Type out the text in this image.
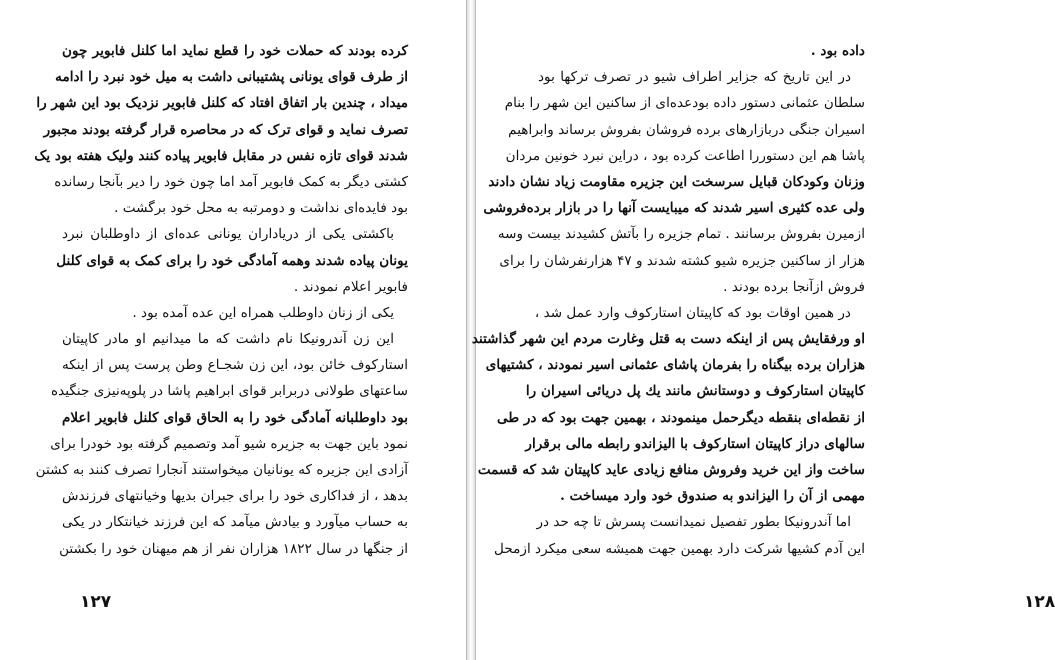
کرده بودند که حملات خود را قطع نماید اما کلنل فابویر چون
از طرف قوای یونانی پشتیبانی داشت به میل خود نبرد را ادامه
میداد ، چندین بار اتفاق افتاد که کلنل فابویر نزدیک بود این شهر را
تصرف نماید و قوای ترک که در محاصره قرار گرفته بودند مجبور
شدند قوای تازه نفس در مقابل فابویر پیاده کنند ولیک هفته بود یک
کشتی دیگر به کمک فابویر آمد اما چون خود را دیر بآنجا رسانده
بود فایده‌ای نداشت و دومرتبه به محل خود برگشت .
باکشتی یکی از دریاداران یونانی عده‌ای از داوطلبان نبرد
یونان پیاده شدند وهمه آمادگی خود را برای کمک به قوای کلنل
فابویر اعلام نمودند .
یکی از زنان داوطلب همراه این عده آمده بود .
این زن آندرونیکا نام داشت که ما میدانیم او مادر کاپیتان
استارکوف خائن بود، این زن شجـاع وطن پرست پس از اینکه
ساعتهای طولانی دربرابر قوای ابراهیم پاشا در پلوپه‌نیزی جنگیده
بود داوطلبانه آمادگی خود را به الحاق قوای کلنل فابویر اعلام
نمود باین جهت به جزیره شیو آمد وتصمیم گرفته بود خودرا برای
آزادی این جزیره که یونانیان میخواستند آنجارا تصرف کنند به کشتن
بدهد ، از فداکاری خود را برای جبران بدیها وخیانتهای فرزندش
به حساب میآورد و بیادش میآمد که این فرزند خیانتکار در یکی
از جنگها در سال ۱۸۲۲ هزاران نفر از هم میهنان خود را بکشتن
۱۲۷
داده بود .
در این تاریخ که جزایر اطراف شیو در تصرف ترکها بود
سلطان عثمانی دستور داده بودعده‌ای از ساکنین این شهر را بنام
اسیران جنگی دربازارهای برده فروشان بفروش برساند وابراهیم
پاشا هم این دستوررا اطاعت کرده بود ، دراین نبرد خونین مردان
وزنان وکودکان قبایل سرسخت این جزیره مقاومت زیاد نشان دادند
ولی عده کثیری اسیر شدند که میبایست آنها را در بازار برده‌فروشی
ازمیرن بفروش برسانند . تمام جزیره را بآتش کشیدند بیست وسه
هزار از ساکنین جزیره شیو کشته شدند و ۴۷ هزارنفرشان را برای
فروش ازآنجا برده بودند .
در همین اوقات بود که کاپیتان استارکوف وارد عمل شد ،
او ورفقایش پس از اینکه دست به قتل وغارت مردم این شهر گذاشتند
هزاران برده بیگناه را بفرمان پاشای عثمانی اسیر نمودند ، کشتیهای
کاپیتان استارکوف و دوستانش مانند یك پل دریائی اسیران را
از نقطه‌ای بنقطه دیگرحمل مینمودند ، بهمین جهت بود که در طی
سالهای دراز کاپیتان استارکوف با الیزاندو رابطه مالی برقرار
ساخت واز این خرید وفروش منافع زیادی عاید کاپیتان شد که قسمت
مهمی از آن را الیزاندو به صندوق خود وارد میساخت .
اما آندرونیکا بطور تفصیل نمیدانست پسرش تا چه حد در
این آدم کشیها شرکت دارد بهمین جهت همیشه سعی میکرد ازمحل
۱۲۸
